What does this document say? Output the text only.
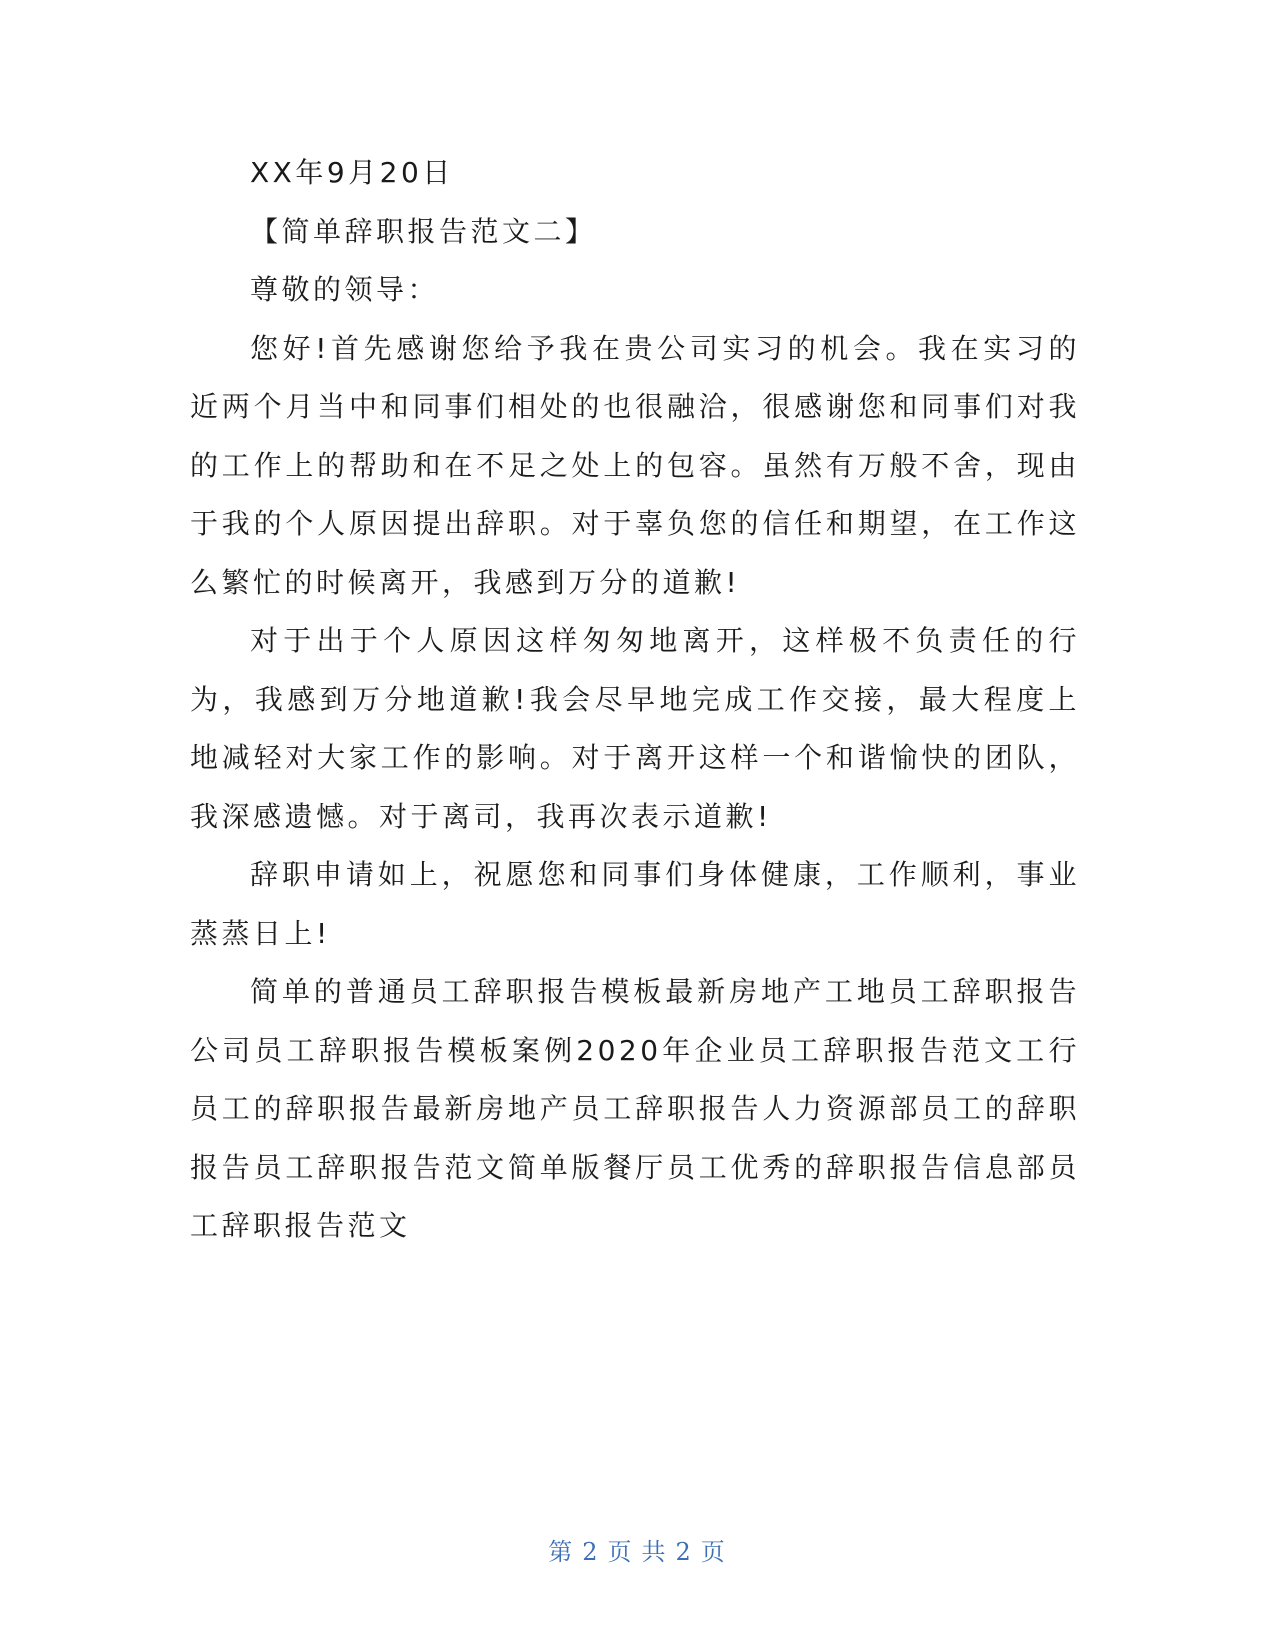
XX年9月20日

【简单辞职报告范文二】

尊敬的领导：

您好!首先感谢您给予我在贵公司实习的机会。我在实习的近两个月当中和同事们相处的也很融洽，很感谢您和同事们对我的工作上的帮助和在不足之处上的包容。虽然有万般不舍，现由于我的个人原因提出辞职。对于辜负您的信任和期望，在工作这么繁忙的时候离开，我感到万分的道歉!

对于出于个人原因这样匆匆地离开，这样极不负责任的行为，我感到万分地道歉!我会尽早地完成工作交接，最大程度上地减轻对大家工作的影响。对于离开这样一个和谐愉快的团队，我深感遗憾。对于离司，我再次表示道歉!

辞职申请如上，祝愿您和同事们身体健康，工作顺利，事业蒸蒸日上!

简单的普通员工辞职报告模板最新房地产工地员工辞职报告公司员工辞职报告模板案例2020年企业员工辞职报告范文工行员工的辞职报告最新房地产员工辞职报告人力资源部员工的辞职报告员工辞职报告范文简单版餐厅员工优秀的辞职报告信息部员工辞职报告范文

第 2 页 共 2 页
